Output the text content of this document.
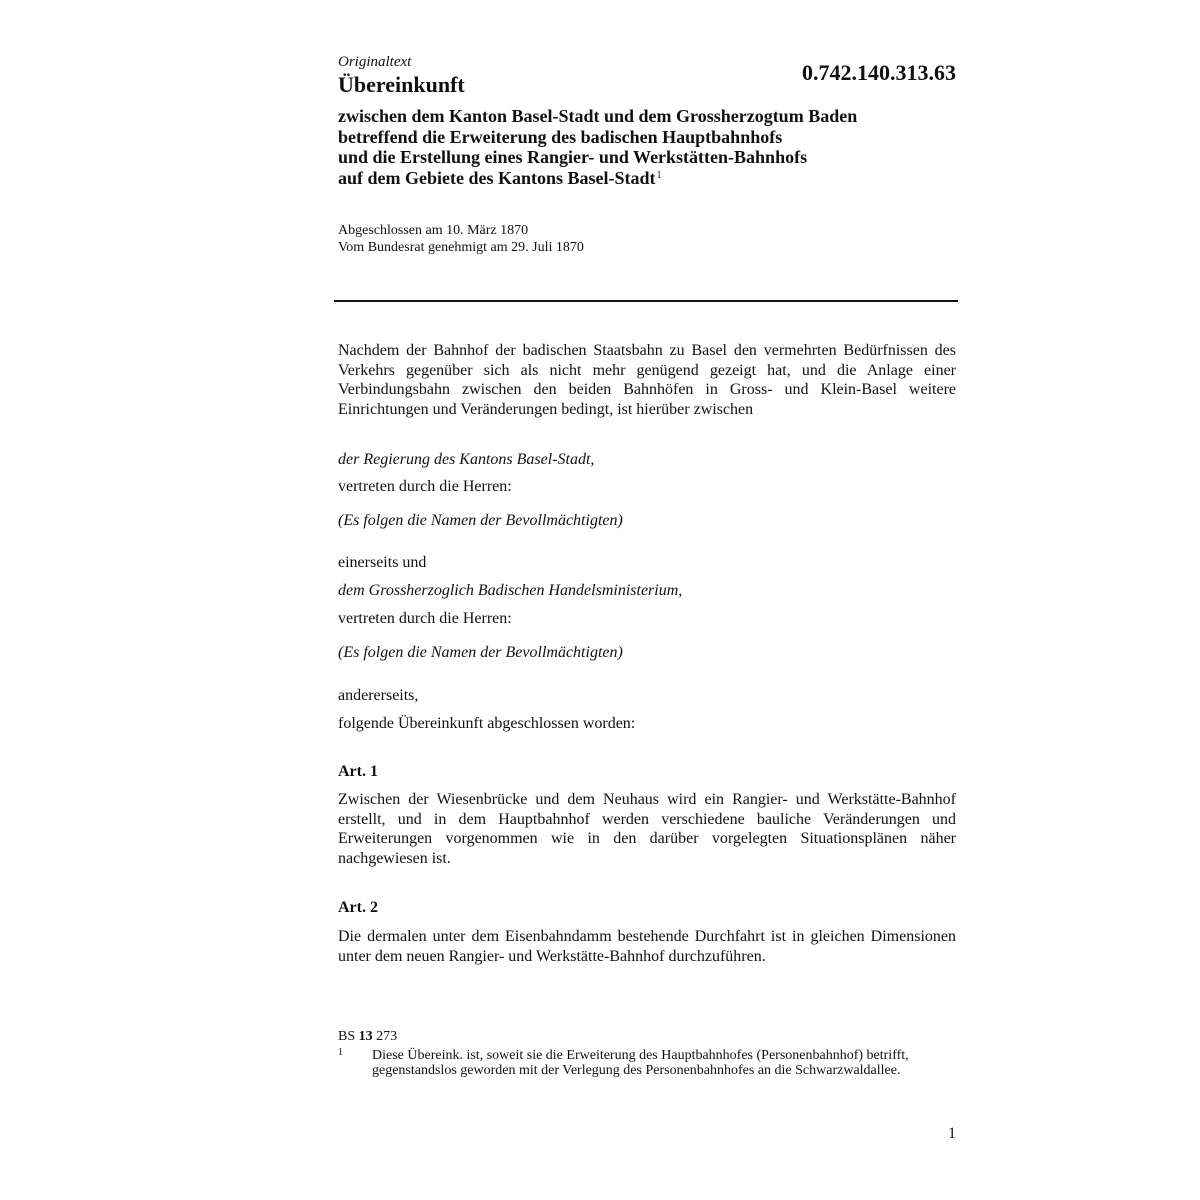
Originaltext

Übereinkunft	0.742.140.313.63

zwischen dem Kanton Basel-Stadt und dem Grossherzogtum Baden
betreffend die Erweiterung des badischen Hauptbahnhofs
und die Erstellung eines Rangier- und Werkstätten-Bahnhofs
auf dem Gebiete des Kantons Basel-Stadt$^1$
Abgeschlossen am 10. März 1870
Vom Bundesrat genehmigt am 29. Juli 1870

Nachdem der Bahnhof der badischen Staatsbahn zu Basel den vermehrten Bedürfnissen des Verkehrs gegenüber sich als nicht mehr genügend gezeigt hat, und die Anlage einer Verbindungsbahn zwischen den beiden Bahnhöfen in Gross- und Klein-Basel weitere Einrichtungen und Veränderungen bedingt, ist hierüber zwischen

der Regierung des Kantons Basel-Stadt,

vertreten durch die Herren:

(Es folgen die Namen der Bevollmächtigten)

einerseits und

dem Grossherzoglich Badischen Handelsministerium,

vertreten durch die Herren:

(Es folgen die Namen der Bevollmächtigten)

andererseits,

folgende Übereinkunft abgeschlossen worden:

Art. 1

Zwischen der Wiesenbrücke und dem Neuhaus wird ein Rangier- und Werkstätte-Bahnhof erstellt, und in dem Hauptbahnhof werden verschiedene bauliche Veränderungen und Erweiterungen vorgenommen wie in den darüber vorgelegten Situationsplänen näher nachgewiesen ist.

Art. 2

Die dermalen unter dem Eisenbahndamm bestehende Durchfahrt ist in gleichen Dimensionen unter dem neuen Rangier- und Werkstätte-Bahnhof durchzuführen.

BS 13 273

1 Diese Übereink. ist, soweit sie die Erweiterung des Hauptbahnhofes (Personenbahnhof) betrifft, gegenstandslos geworden mit der Verlegung des Personenbahnhofes an die Schwarzwaldallee.

1
